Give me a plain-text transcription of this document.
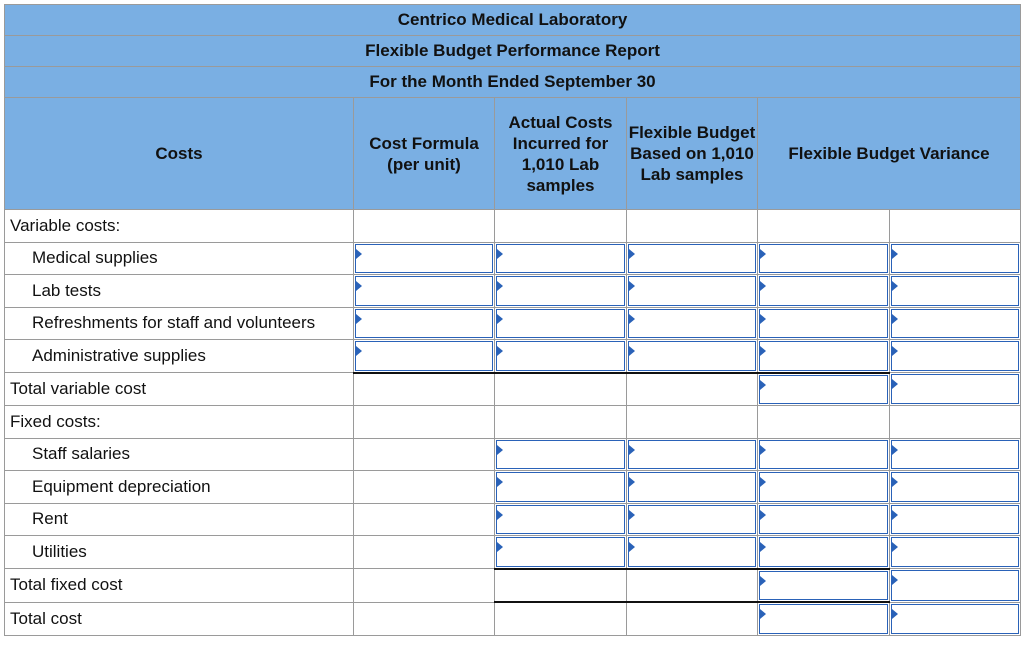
Centrico Medical Laboratory					
Flexible Budget Performance Report					
For the Month Ended September 30					
Costs	Cost Formula (per unit)	Actual Costs Incurred for 1,010 Lab samples	Flexible Budget Based on 1,010 Lab samples	Flexible Budget Variance	
Variable costs:					
Medical supplies	

Lab tests	

Refreshments for staff and volunteers	

Administrative supplies	

Total variable cost				

Fixed costs:					
Staff salaries		

Equipment depreciation		

Rent		

Utilities		

Total fixed cost				

Total cost				
